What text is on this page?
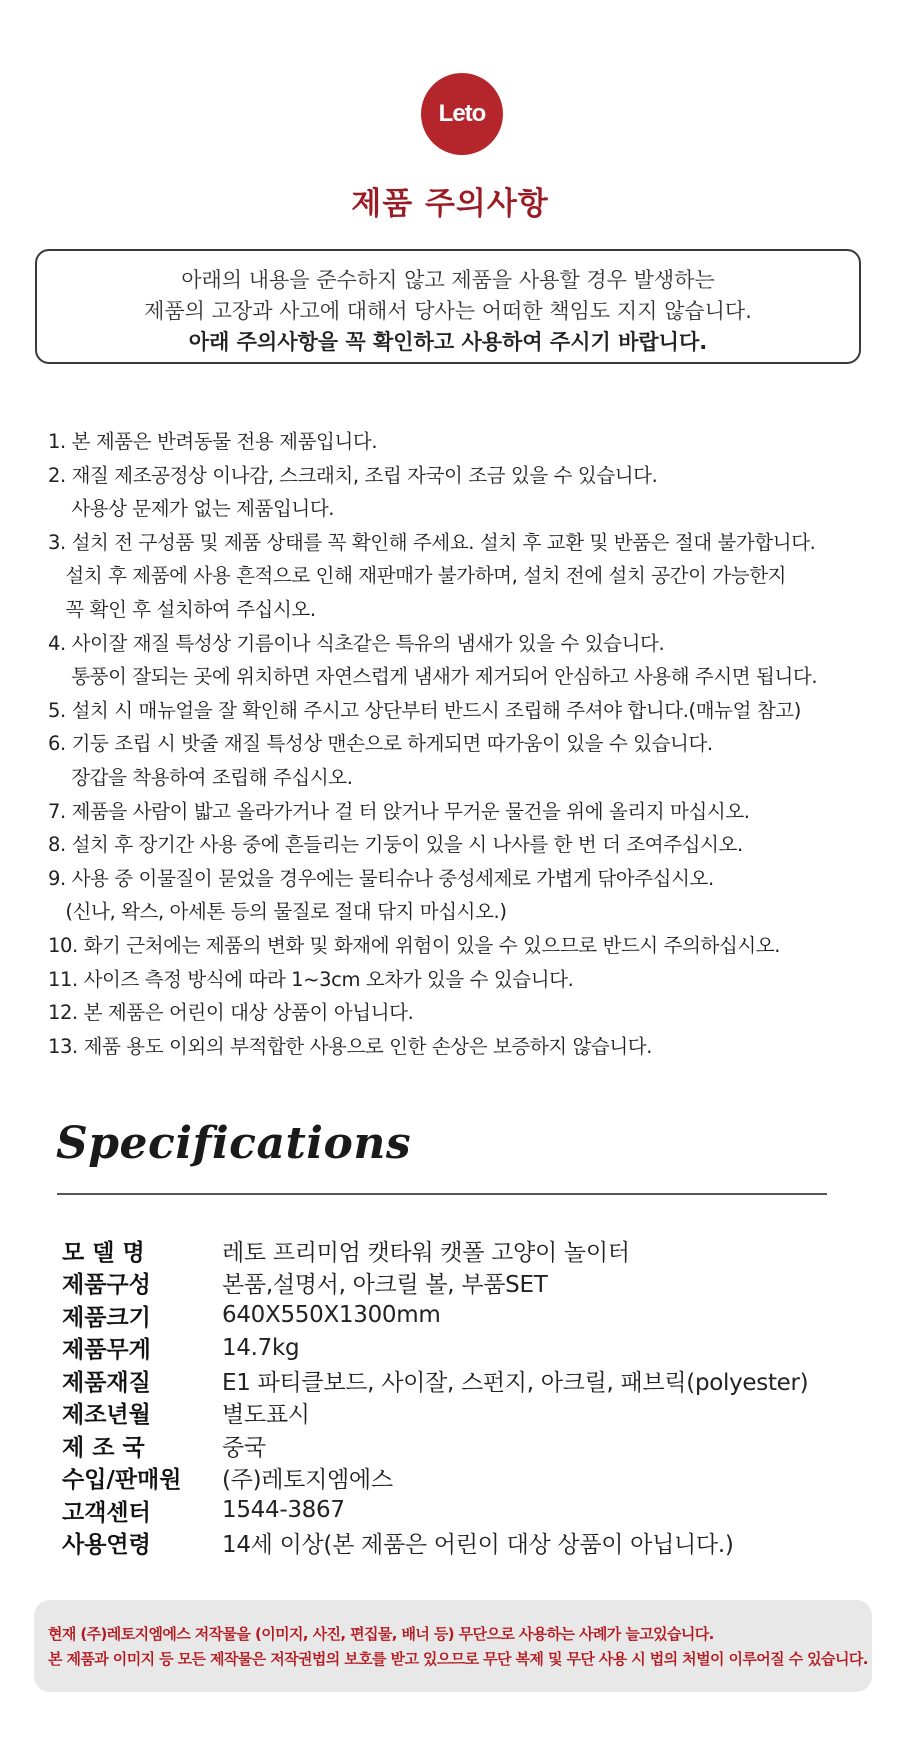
Leto
제품 주의사항
아래의 내용을 준수하지 않고 제품을 사용할 경우 발생하는
제품의 고장과 사고에 대해서 당사는 어떠한 책임도 지지 않습니다.
아래 주의사항을 꼭 확인하고 사용하여 주시기 바랍니다.
1. 본 제품은 반려동물 전용 제품입니다.
2. 재질 제조공정상 이나감, 스크래치, 조립 자국이 조금 있을 수 있습니다.
사용상 문제가 없는 제품입니다.
3. 설치 전 구성품 및 제품 상태를 꼭 확인해 주세요. 설치 후 교환 및 반품은 절대 불가합니다.
설치 후 제품에 사용 흔적으로 인해 재판매가 불가하며, 설치 전에 설치 공간이 가능한지
꼭 확인 후 설치하여 주십시오.
4. 사이잘 재질 특성상 기름이나 식초같은 특유의 냄새가 있을 수 있습니다.
통풍이 잘되는 곳에 위치하면 자연스럽게 냄새가 제거되어 안심하고 사용해 주시면 됩니다.
5. 설치 시 매뉴얼을 잘 확인해 주시고 상단부터 반드시 조립해 주셔야 합니다.(매뉴얼 참고)
6. 기둥 조립 시 밧줄 재질 특성상 맨손으로 하게되면 따가움이 있을 수 있습니다.
장갑을 착용하여 조립해 주십시오.
7. 제품을 사람이 밟고 올라가거나 걸 터 앉거나 무거운 물건을 위에 올리지 마십시오.
8. 설치 후 장기간 사용 중에 흔들리는 기둥이 있을 시 나사를 한 번 더 조여주십시오.
9. 사용 중 이물질이 묻었을 경우에는 물티슈나 중성세제로 가볍게 닦아주십시오.
(신나, 왁스, 아세톤 등의 물질로 절대 닦지 마십시오.)
10. 화기 근처에는 제품의 변화 및 화재에 위험이 있을 수 있으므로 반드시 주의하십시오.
11. 사이즈 측정 방식에 따라 1~3cm 오차가 있을 수 있습니다.
12. 본 제품은 어린이 대상 상품이 아닙니다.
13. 제품 용도 이외의 부적합한 사용으로 인한 손상은 보증하지 않습니다.
Specifications
모 델 명	레토 프리미엄 캣타워 캣폴 고양이 놀이터
제품구성	본품,설명서, 아크릴 볼, 부품SET
제품크기	640X550X1300mm
제품무게	14.7kg
제품재질	E1 파티클보드, 사이잘, 스펀지, 아크릴, 패브릭(polyester)
제조년월	별도표시
제 조 국	중국
수입/판매원	(주)레토지엠에스
고객센터	1544-3867
사용연령	14세 이상(본 제품은 어린이 대상 상품이 아닙니다.)
현재 (주)레토지엠에스 저작물을 (이미지, 사진, 편집물, 배너 등) 무단으로 사용하는 사례가 늘고있습니다.
본 제품과 이미지 등 모든 제작물은 저작권법의 보호를 받고 있으므로 무단 복제 및 무단 사용 시 법의 처벌이 이루어질 수 있습니다.
